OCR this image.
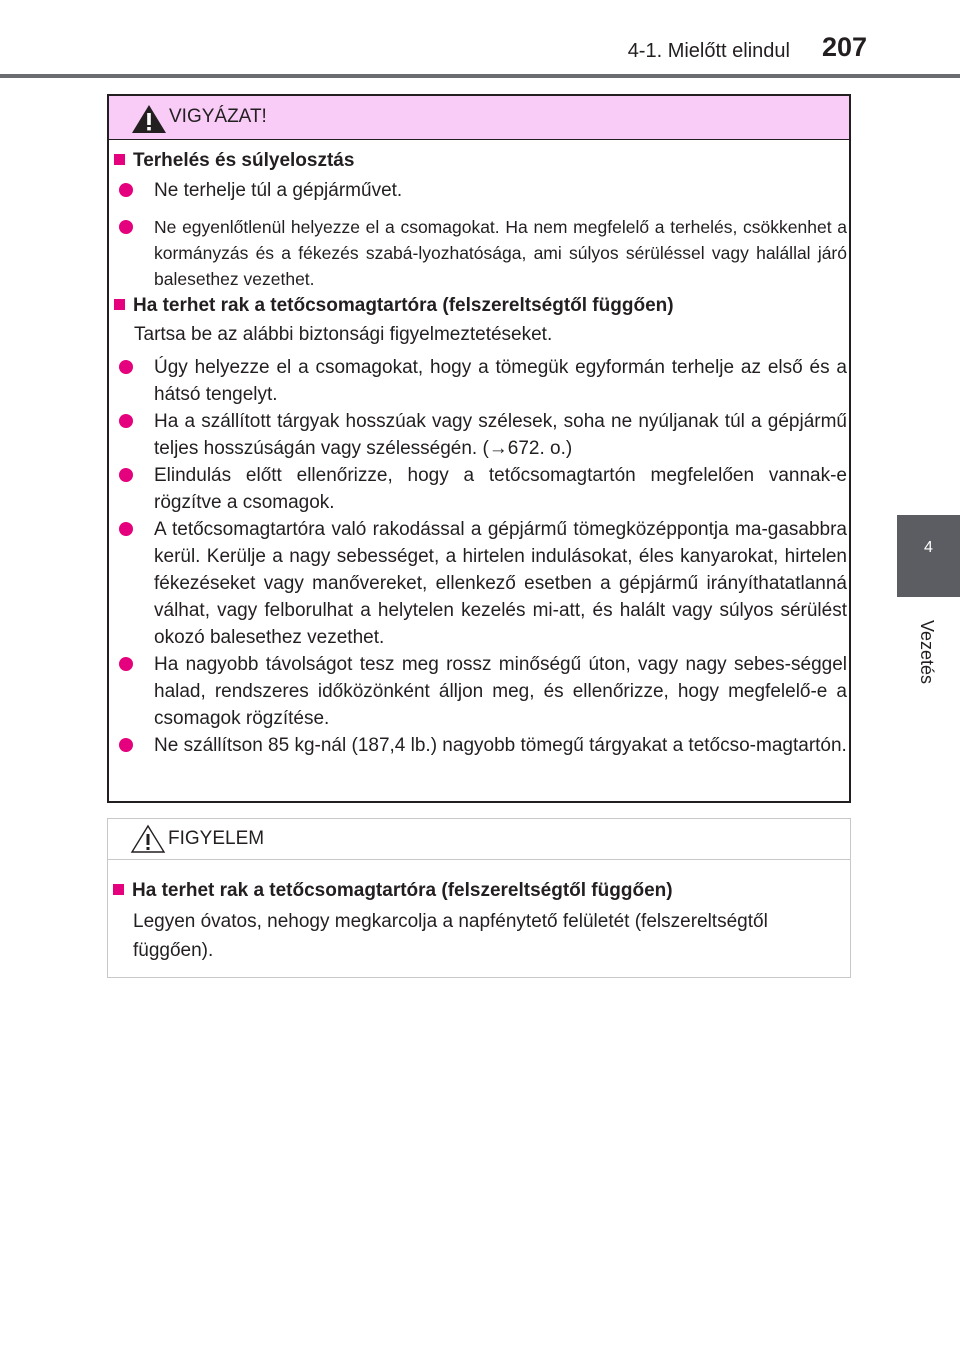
4-1. Mielőtt elindul 207
4
Vezetés
VIGYÁZAT!
Terhelés és súlyelosztás
Ne terhelje túl a gépjárművet.
Ne egyenlőtlenül helyezze el a csomagokat. Ha nem megfelelő a terhelés, csökkenhet a kormányzás és a fékezés szabá-lyozhatósága, ami súlyos sérüléssel vagy halállal járó balesethez vezethet.
Ha terhet rak a tetőcsomagtartóra (felszereltségtől függően)
Tartsa be az alábbi biztonsági figyelmeztetéseket.
Úgy helyezze el a csomagokat, hogy a tömegük egyformán terhelje az első és a hátsó tengelyt.
Ha a szállított tárgyak hosszúak vagy szélesek, soha ne nyúljanak túl a gépjármű teljes hosszúságán vagy szélességén. (→672. o.)
Elindulás előtt ellenőrizze, hogy a tetőcsomagtartón megfelelően vannak-e rögzítve a csomagok.
A tetőcsomagtartóra való rakodással a gépjármű tömegközéppontja ma-gasabbra kerül. Kerülje a nagy sebességet, a hirtelen indulásokat, éles kanyarokat, hirtelen fékezéseket vagy manővereket, ellenkező esetben a gépjármű irányíthatatlanná válhat, vagy felborulhat a helytelen kezelés mi-att, és halált vagy súlyos sérülést okozó balesethez vezethet.
Ha nagyobb távolságot tesz meg rossz minőségű úton, vagy nagy sebes-séggel halad, rendszeres időközönként álljon meg, és ellenőrizze, hogy megfelelő-e a csomagok rögzítése.
Ne szállítson 85 kg-nál (187,4 lb.) nagyobb tömegű tárgyakat a tetőcso-magtartón.
FIGYELEM
Ha terhet rak a tetőcsomagtartóra (felszereltségtől függően)
Legyen óvatos, nehogy megkarcolja a napfénytető felületét (felszereltségtől függően).
